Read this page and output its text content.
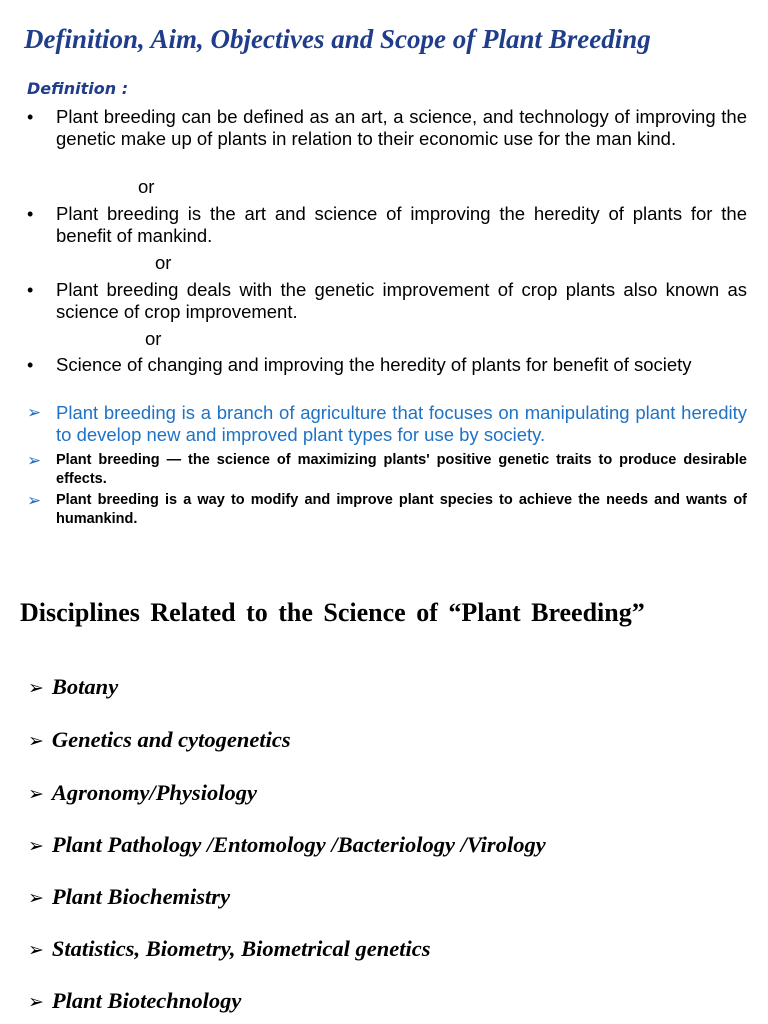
Definition, Aim, Objectives and Scope of Plant Breeding
Definition :
• Plant breeding can be defined as an art, a science, and technology of improving the genetic make up of plants in relation to their economic use for the man kind.
or
• Plant breeding is the art and science of improving the heredity of plants for the benefit of mankind.
or
• Plant breeding deals with the genetic improvement of crop plants also known as science of crop improvement.
or
• Science of changing and improving the heredity of plants for benefit of society
➢ Plant breeding is a branch of agriculture that focuses on manipulating plant heredity to develop new and improved plant types for use by society.
➢ Plant breeding — the science of maximizing plants' positive genetic traits to produce desirable effects.
➢ Plant breeding is a way to modify and improve plant species to achieve the needs and wants of humankind.
Disciplines Related to the Science of “Plant Breeding”
➢ Botany
➢ Genetics and cytogenetics
➢ Agronomy/Physiology
➢ Plant Pathology /Entomology /Bacteriology /Virology
➢ Plant Biochemistry
➢ Statistics, Biometry, Biometrical genetics
➢ Plant Biotechnology
